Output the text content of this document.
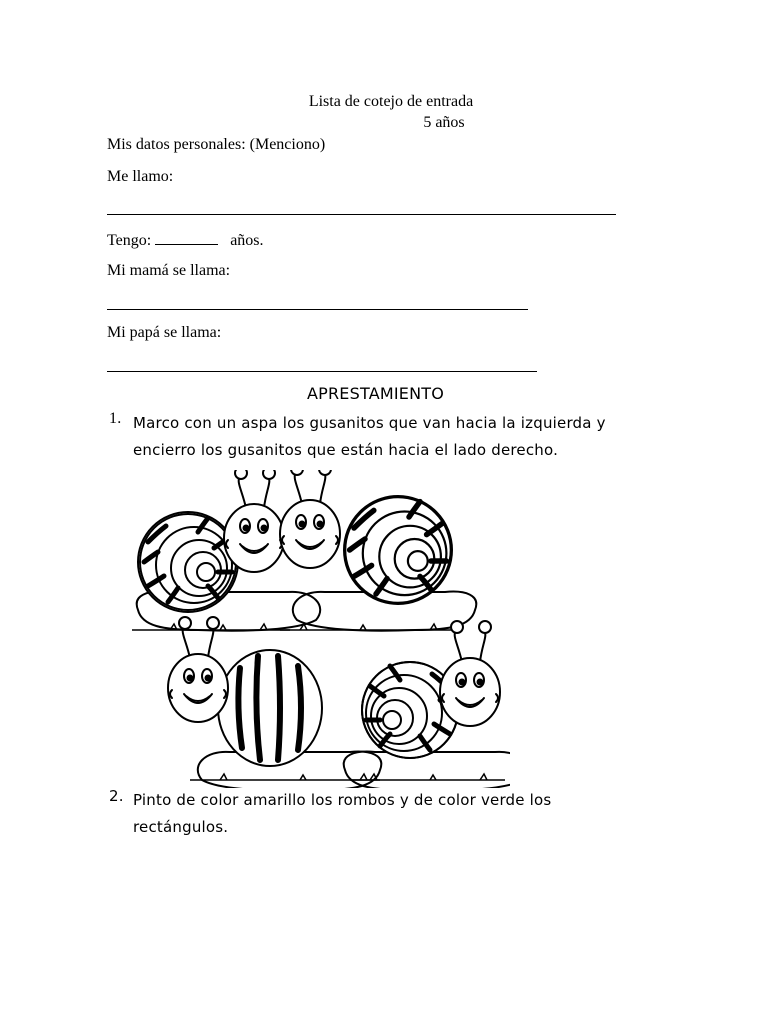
Lista de cotejo de entrada
5 años
Mis datos personales: (Menciono)
Me llamo:
Tengo:	años.
Mi mamá se llama:
Mi papá se llama:
APRESTAMIENTO
1. Marco con un aspa los gusanitos que van hacia la izquierda y encierro los gusanitos que están hacia el lado derecho.
2. Pinto de color amarillo los rombos y de color verde los rectángulos.
